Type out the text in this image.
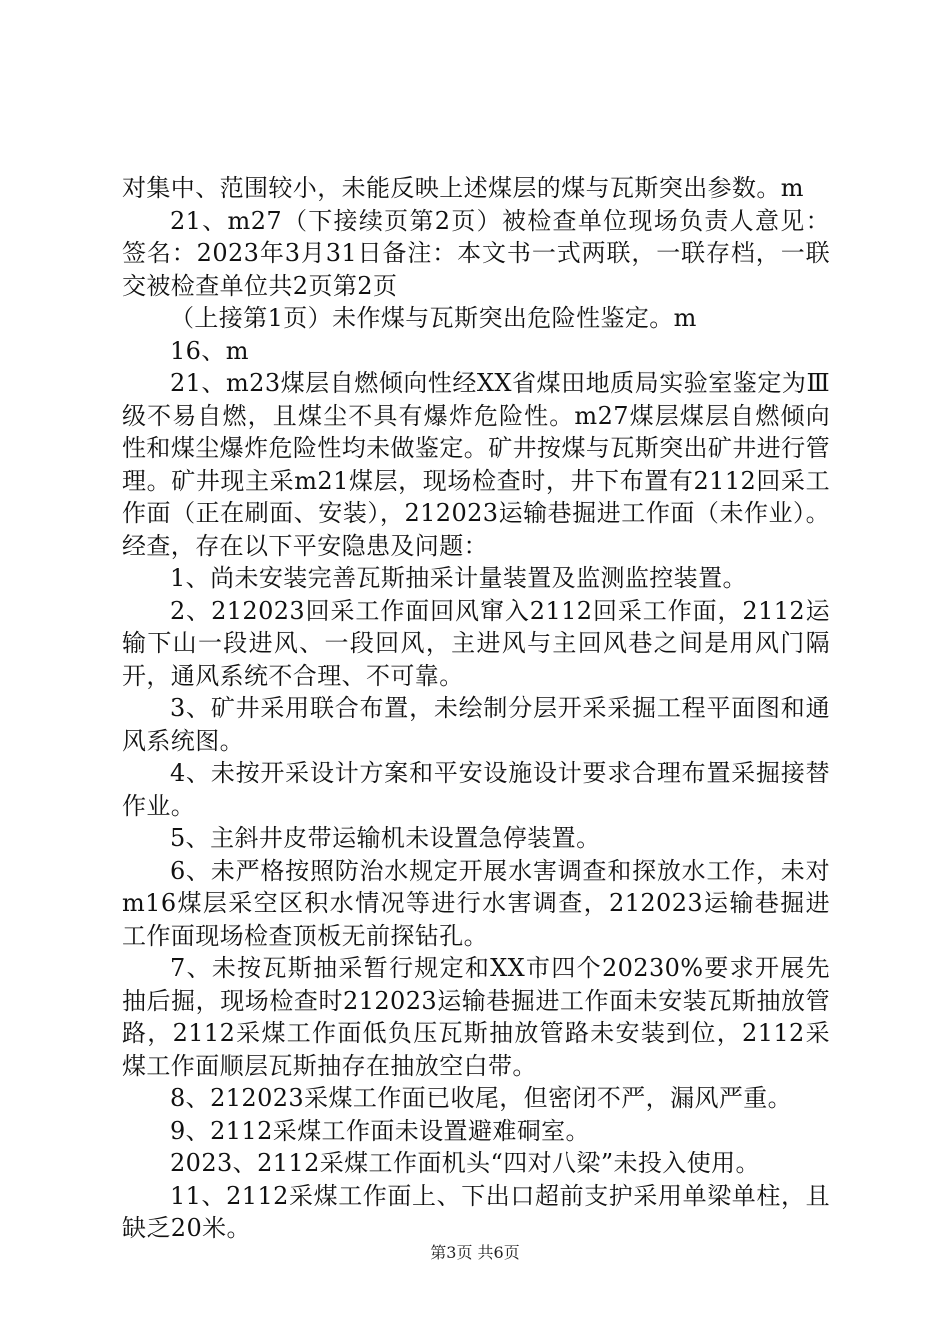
对集中、范围较小，未能反映上述煤层的煤与瓦斯突出参数。m

21、m27（下接续页第2页）被检查单位现场负责人意见：签名：2023年3月31日备注：本文书一式两联，一联存档，一联交被检查单位共2页第2页

（上接第1页）未作煤与瓦斯突出危险性鉴定。m

16、m

21、m23煤层自燃倾向性经XX省煤田地质局实验室鉴定为Ⅲ级不易自燃，且煤尘不具有爆炸危险性。m27煤层煤层自燃倾向性和煤尘爆炸危险性均未做鉴定。矿井按煤与瓦斯突出矿井进行管理。矿井现主采m21煤层，现场检查时，井下布置有2112回采工作面（正在刷面、安装），212023运输巷掘进工作面（未作业）。经查，存在以下平安隐患及问题：

1、尚未安装完善瓦斯抽采计量装置及监测监控装置。

2、212023回采工作面回风窜入2112回采工作面，2112运输下山一段进风、一段回风，主进风与主回风巷之间是用风门隔开，通风系统不合理、不可靠。

3、矿井采用联合布置，未绘制分层开采采掘工程平面图和通风系统图。

4、未按开采设计方案和平安设施设计要求合理布置采掘接替作业。

5、主斜井皮带运输机未设置急停装置。

6、未严格按照防治水规定开展水害调查和探放水工作，未对m16煤层采空区积水情况等进行水害调查，212023运输巷掘进工作面现场检查顶板无前探钻孔。

7、未按瓦斯抽采暂行规定和XX市四个20230%要求开展先抽后掘，现场检查时212023运输巷掘进工作面未安装瓦斯抽放管路，2112采煤工作面低负压瓦斯抽放管路未安装到位，2112采煤工作面顺层瓦斯抽存在抽放空白带。

8、212023采煤工作面已收尾，但密闭不严，漏风严重。

9、2112采煤工作面未设置避难硐室。

2023、2112采煤工作面机头“四对八梁”未投入使用。

11、2112采煤工作面上、下出口超前支护采用单梁单柱，且缺乏20米。

第3页 共6页
